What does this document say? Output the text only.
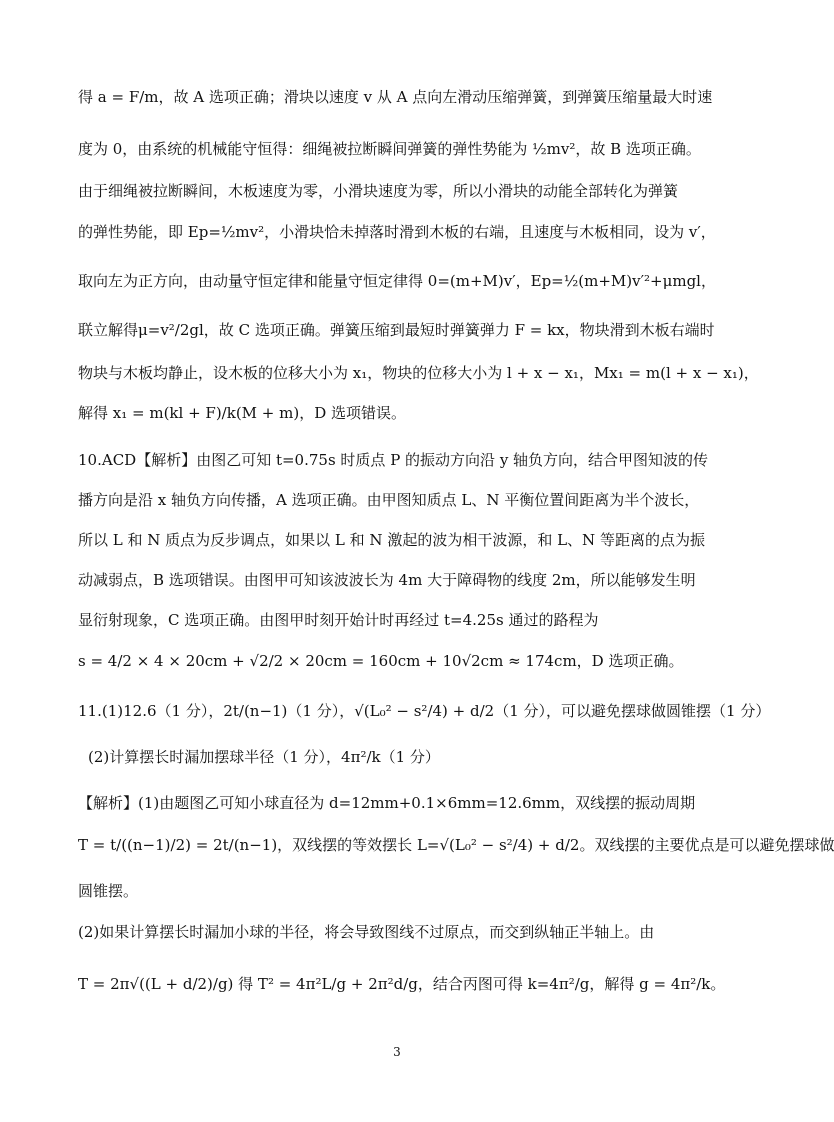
得 a = F/m，故 A 选项正确；滑块以速度 v 从 A 点向左滑动压缩弹簧，到弹簧压缩量最大时速
度为 0，由系统的机械能守恒得：细绳被拉断瞬间弹簧的弹性势能为 ½mv²，故 B 选项正确。
由于细绳被拉断瞬间，木板速度为零，小滑块速度为零，所以小滑块的动能全部转化为弹簧
的弹性势能，即 Ep=½mv²，小滑块恰未掉落时滑到木板的右端，且速度与木板相同，设为 v′，
取向左为正方向，由动量守恒定律和能量守恒定律得 0=(m+M)v′，Ep=½(m+M)v′²+μmgl，
联立解得μ=v²/2gl，故 C 选项正确。弹簧压缩到最短时弹簧弹力 F = kx，物块滑到木板右端时
物块与木板均静止，设木板的位移大小为 x₁，物块的位移大小为 l + x − x₁，Mx₁ = m(l + x − x₁)，
解得 x₁ = m(kl + F)/k(M + m)，D 选项错误。
10.ACD【解析】由图乙可知 t=0.75s 时质点 P 的振动方向沿 y 轴负方向，结合甲图知波的传
播方向是沿 x 轴负方向传播，A 选项正确。由甲图知质点 L、N 平衡位置间距离为半个波长，
所以 L 和 N 质点为反步调点，如果以 L 和 N 激起的波为相干波源，和 L、N 等距离的点为振
动减弱点，B 选项错误。由图甲可知该波波长为 4m 大于障碍物的线度 2m，所以能够发生明
显衍射现象，C 选项正确。由图甲时刻开始计时再经过 t=4.25s 通过的路程为
s = 4/2 × 4 × 20cm + √2/2 × 20cm = 160cm + 10√2cm ≈ 174cm，D 选项正确。
11.(1)12.6（1 分），2t/(n−1)（1 分），√(L₀² − s²/4) + d/2（1 分），可以避免摆球做圆锥摆（1 分）
(2)计算摆长时漏加摆球半径（1 分），4π²/k（1 分）
【解析】(1)由题图乙可知小球直径为 d=12mm+0.1×6mm=12.6mm，双线摆的振动周期
T = t/((n−1)/2) = 2t/(n−1)，双线摆的等效摆长 L=√(L₀² − s²/4) + d/2。双线摆的主要优点是可以避免摆球做
圆锥摆。
(2)如果计算摆长时漏加小球的半径，将会导致图线不过原点，而交到纵轴正半轴上。由
T = 2π√((L + d/2)/g) 得 T² = 4π²L/g + 2π²d/g，结合丙图可得 k=4π²/g，解得 g = 4π²/k。
3
